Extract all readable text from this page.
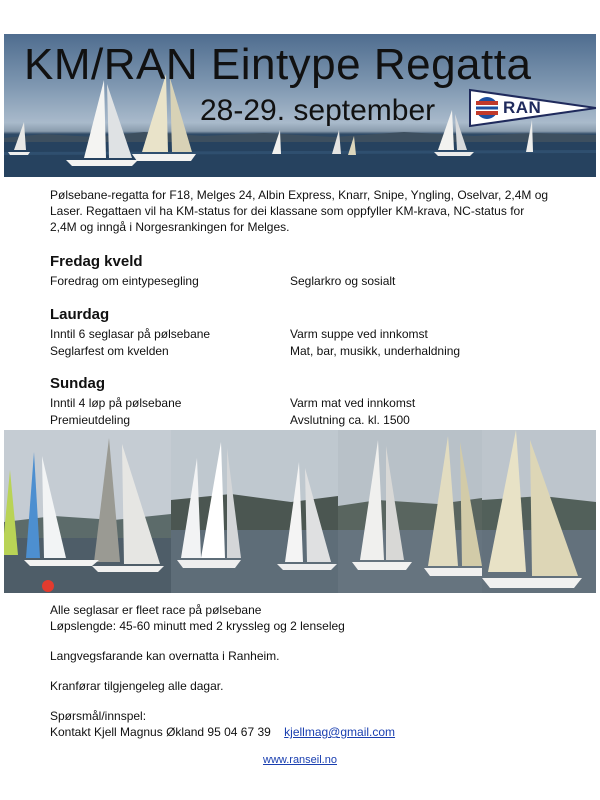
KM/RAN Eintype Regatta
28-29. september	RAN

Pølsebane-regatta for F18, Melges 24, Albin Express, Knarr, Snipe, Yngling, Oselvar, 2,4M og Laser. Regattaen vil ha KM-status for dei klassane som oppfyller KM-krava, NC-status for 2,4M og inngå i Norgesrankingen for Melges.

Fredag kveld
Foredrag om eintypesegling	Seglarkro og sosialt
Laurdag
Inntil 6 seglasar på pølsebane	Varm suppe ved innkomst
Seglarfest om kvelden	Mat, bar, musikk, underhaldning
Sundag
Inntil 4 løp på pølsebane	Varm mat ved innkomst
Premieutdeling	Avslutning ca. kl. 1500

Alle seglasar er fleet race på pølsebane

Løpslengde: 45-60 minutt med 2 kryssleg og 2 lenseleg

Langvegsfarande kan overnatta i Ranheim.

Kranførar tilgjengeleg alle dagar.

Spørsmål/innspel:

Kontakt Kjell Magnus Økland 95 04 67 39 kjellmag@gmail.com

www.ranseil.no
